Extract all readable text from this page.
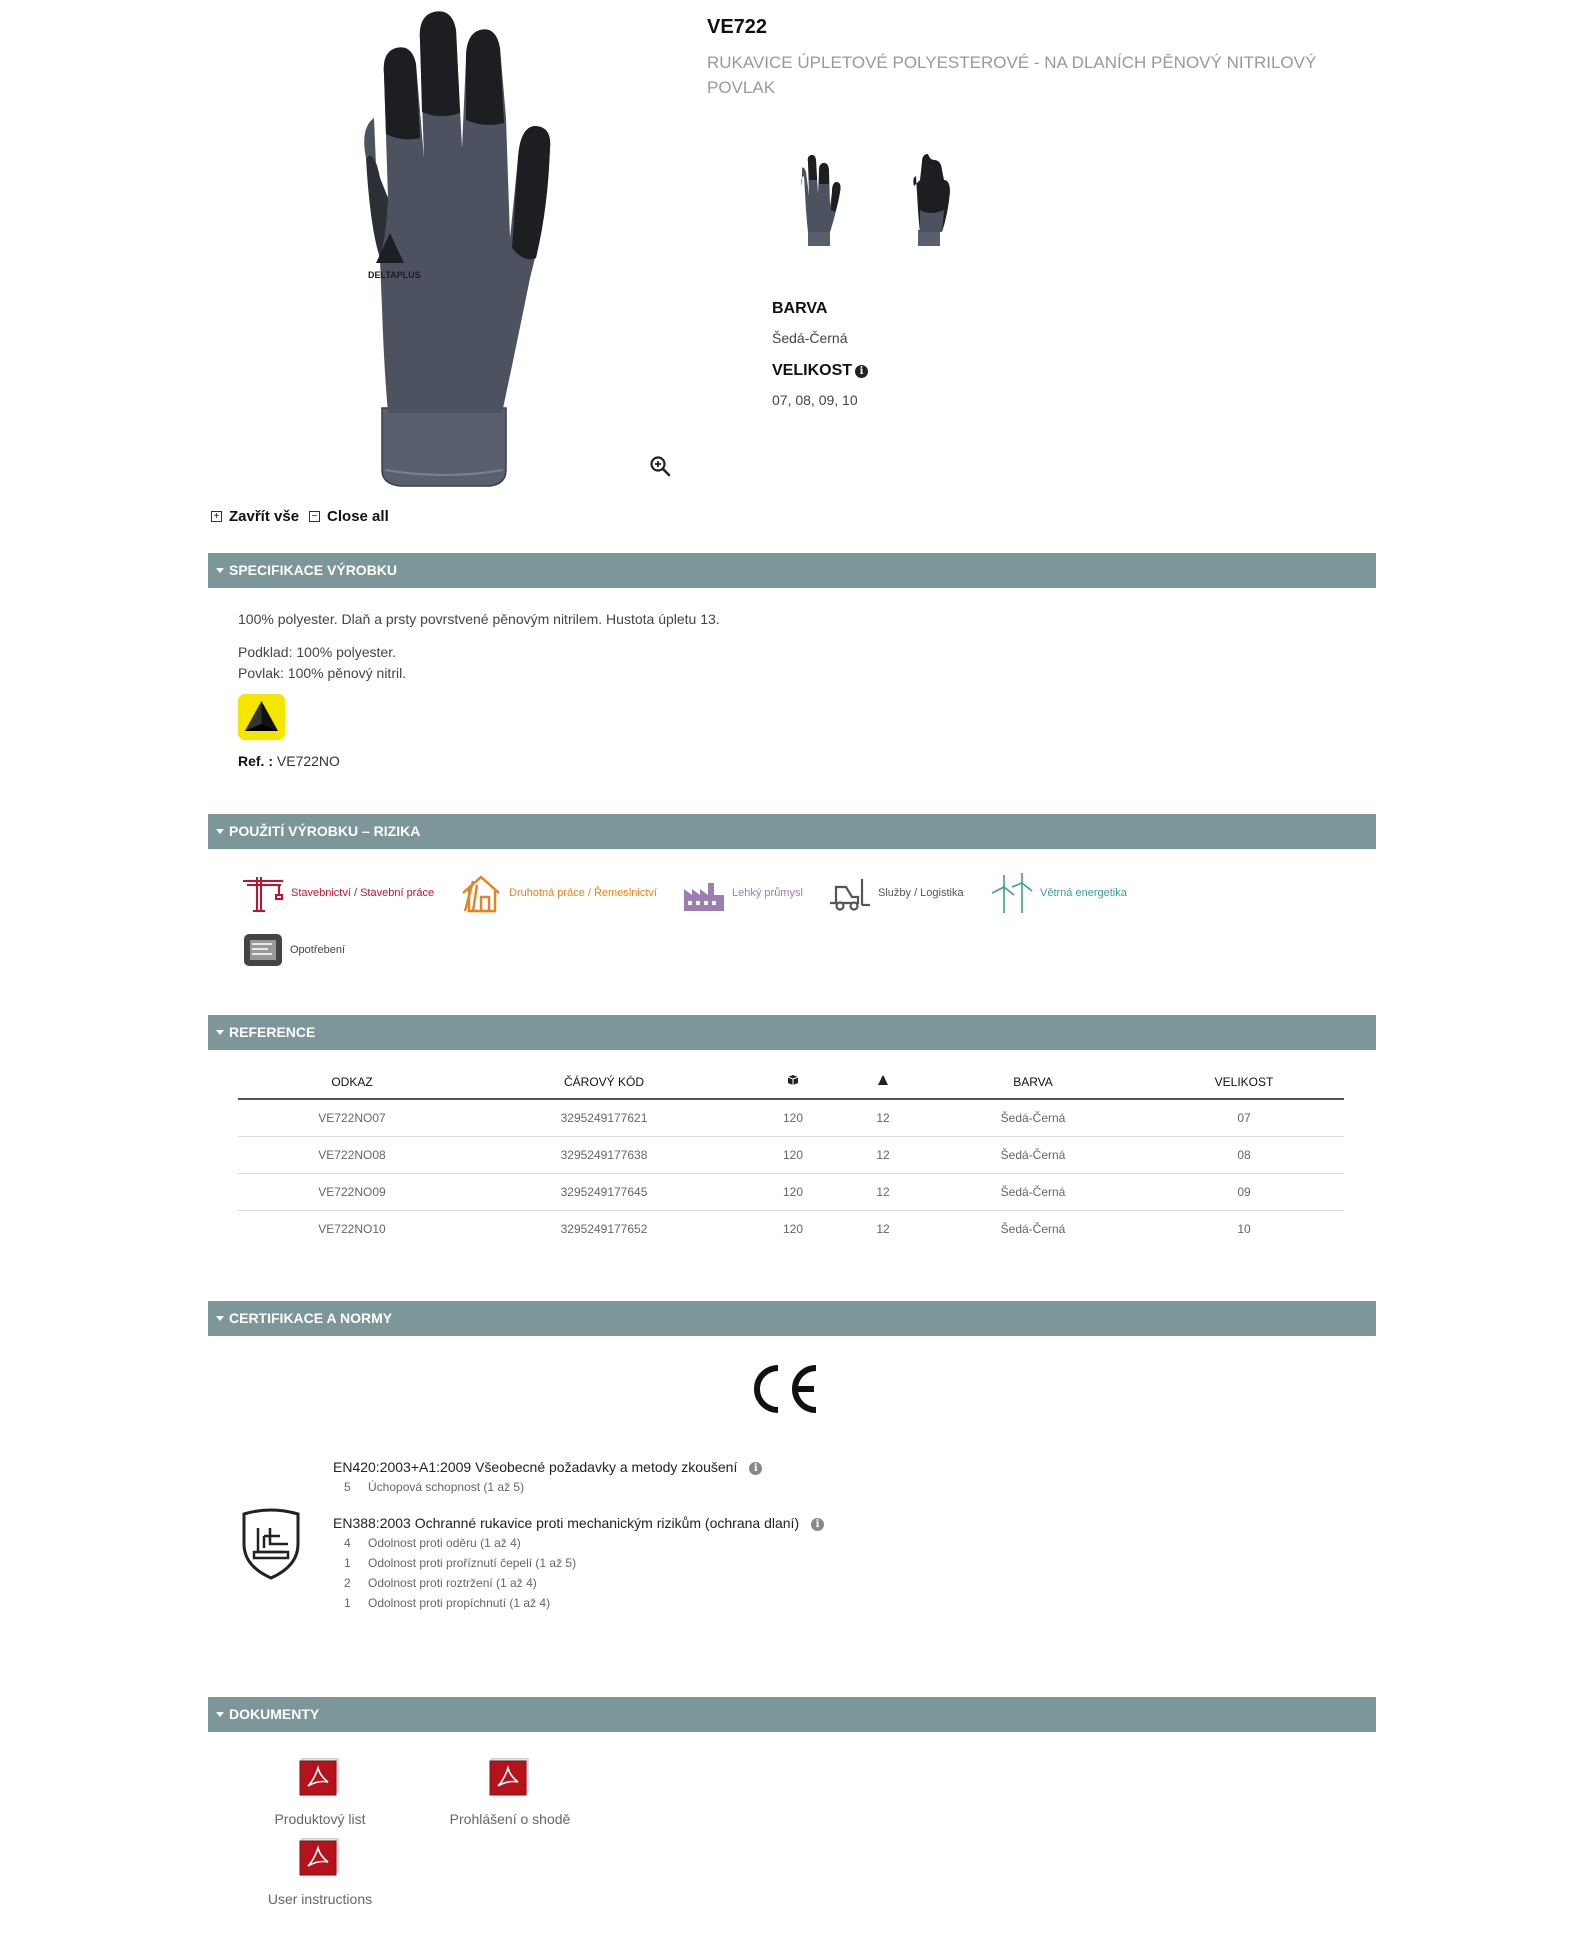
DELTAPLUS
VE722
RUKAVICE ÚPLETOVÉ POLYESTEROVÉ - NA DLANÍCH PĚNOVÝ NITRILOVÝ POVLAK
BARVA
Šedá-Černá
VELIKOST i
07, 08, 09, 10
+ Zavřít vše − Close all
SPECIFIKACE VÝROBKU
100% polyester. Dlaň a prsty povrstvené pěnovým nitrilem. Hustota úpletu 13.
Podklad: 100% polyester.
Povlak: 100% pěnový nitril.
Ref. : VE722NO
POUŽITÍ VÝROBKU – RIZIKA
Stavebnictví / Stavební práce	Druhotná práce / Řemeslnictví	Lehký průmysl	Služby / Logistika	Větrná energetika
Opotřebení
REFERENCE
ODKAZ	ČÁROVÝ KÓD			BARVA	VELIKOST
VE722NO07	3295249177621	120	12	Šedá-Černá	07
VE722NO08	3295249177638	120	12	Šedá-Černá	08
VE722NO09	3295249177645	120	12	Šedá-Černá	09
VE722NO10	3295249177652	120	12	Šedá-Černá	10
CERTIFIKACE A NORMY
EN420:2003+A1:2009 Všeobecné požadavky a metody zkoušení i
5 Úchopová schopnost (1 až 5)
EN388:2003 Ochranné rukavice proti mechanickým rizikům (ochrana dlaní) i
4 Odolnost proti oděru (1 až 4)
1 Odolnost proti proříznutí čepelí (1 až 5)
2 Odolnost proti roztržení (1 až 4)
1 Odolnost proti propíchnutí (1 až 4)
DOKUMENTY
Produktový list	Prohlášení o shodě
User instructions
